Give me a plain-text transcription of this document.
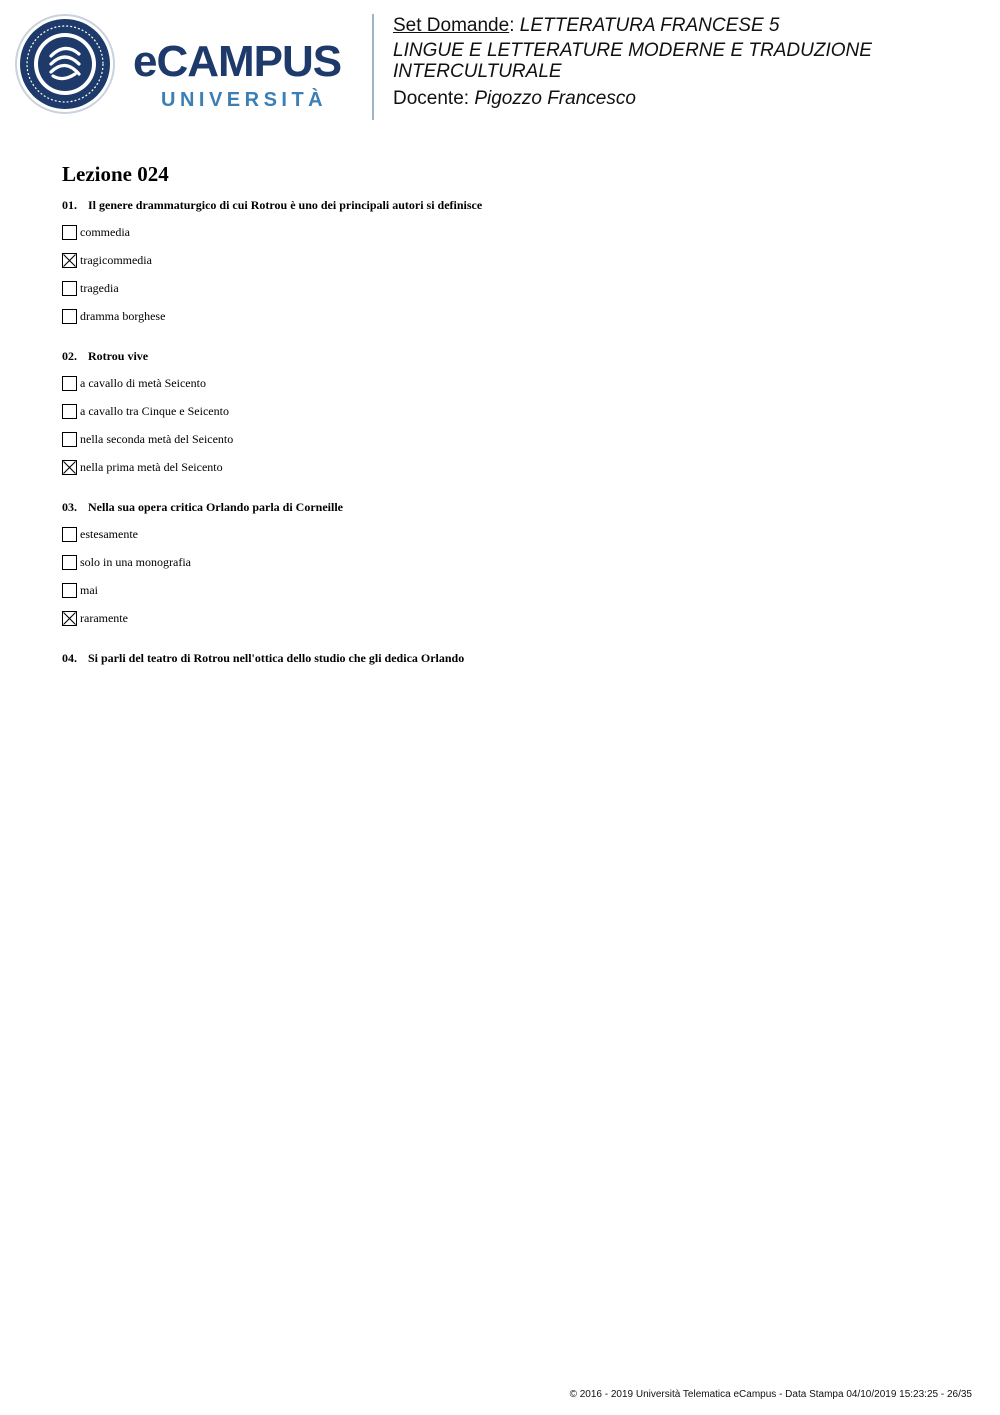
eCAMPUS
UNIVERSITÀ
Set Domande: LETTERATURA FRANCESE 5
LINGUE E LETTERATURE MODERNE E TRADUZIONE INTERCULTURALE
Docente: Pigozzo Francesco
Lezione 024
01. Il genere drammaturgico di cui Rotrou è uno dei principali autori si definisce
commedia
tragicommedia
tragedia
dramma borghese
02. Rotrou vive
a cavallo di metà Seicento
a cavallo tra Cinque e Seicento
nella seconda metà del Seicento
nella prima metà del Seicento
03. Nella sua opera critica Orlando parla di Corneille
estesamente
solo in una monografia
mai
raramente
04. Si parli del teatro di Rotrou nell'ottica dello studio che gli dedica Orlando
© 2016 - 2019 Università Telematica eCampus - Data Stampa 04/10/2019 15:23:25 - 26/35
